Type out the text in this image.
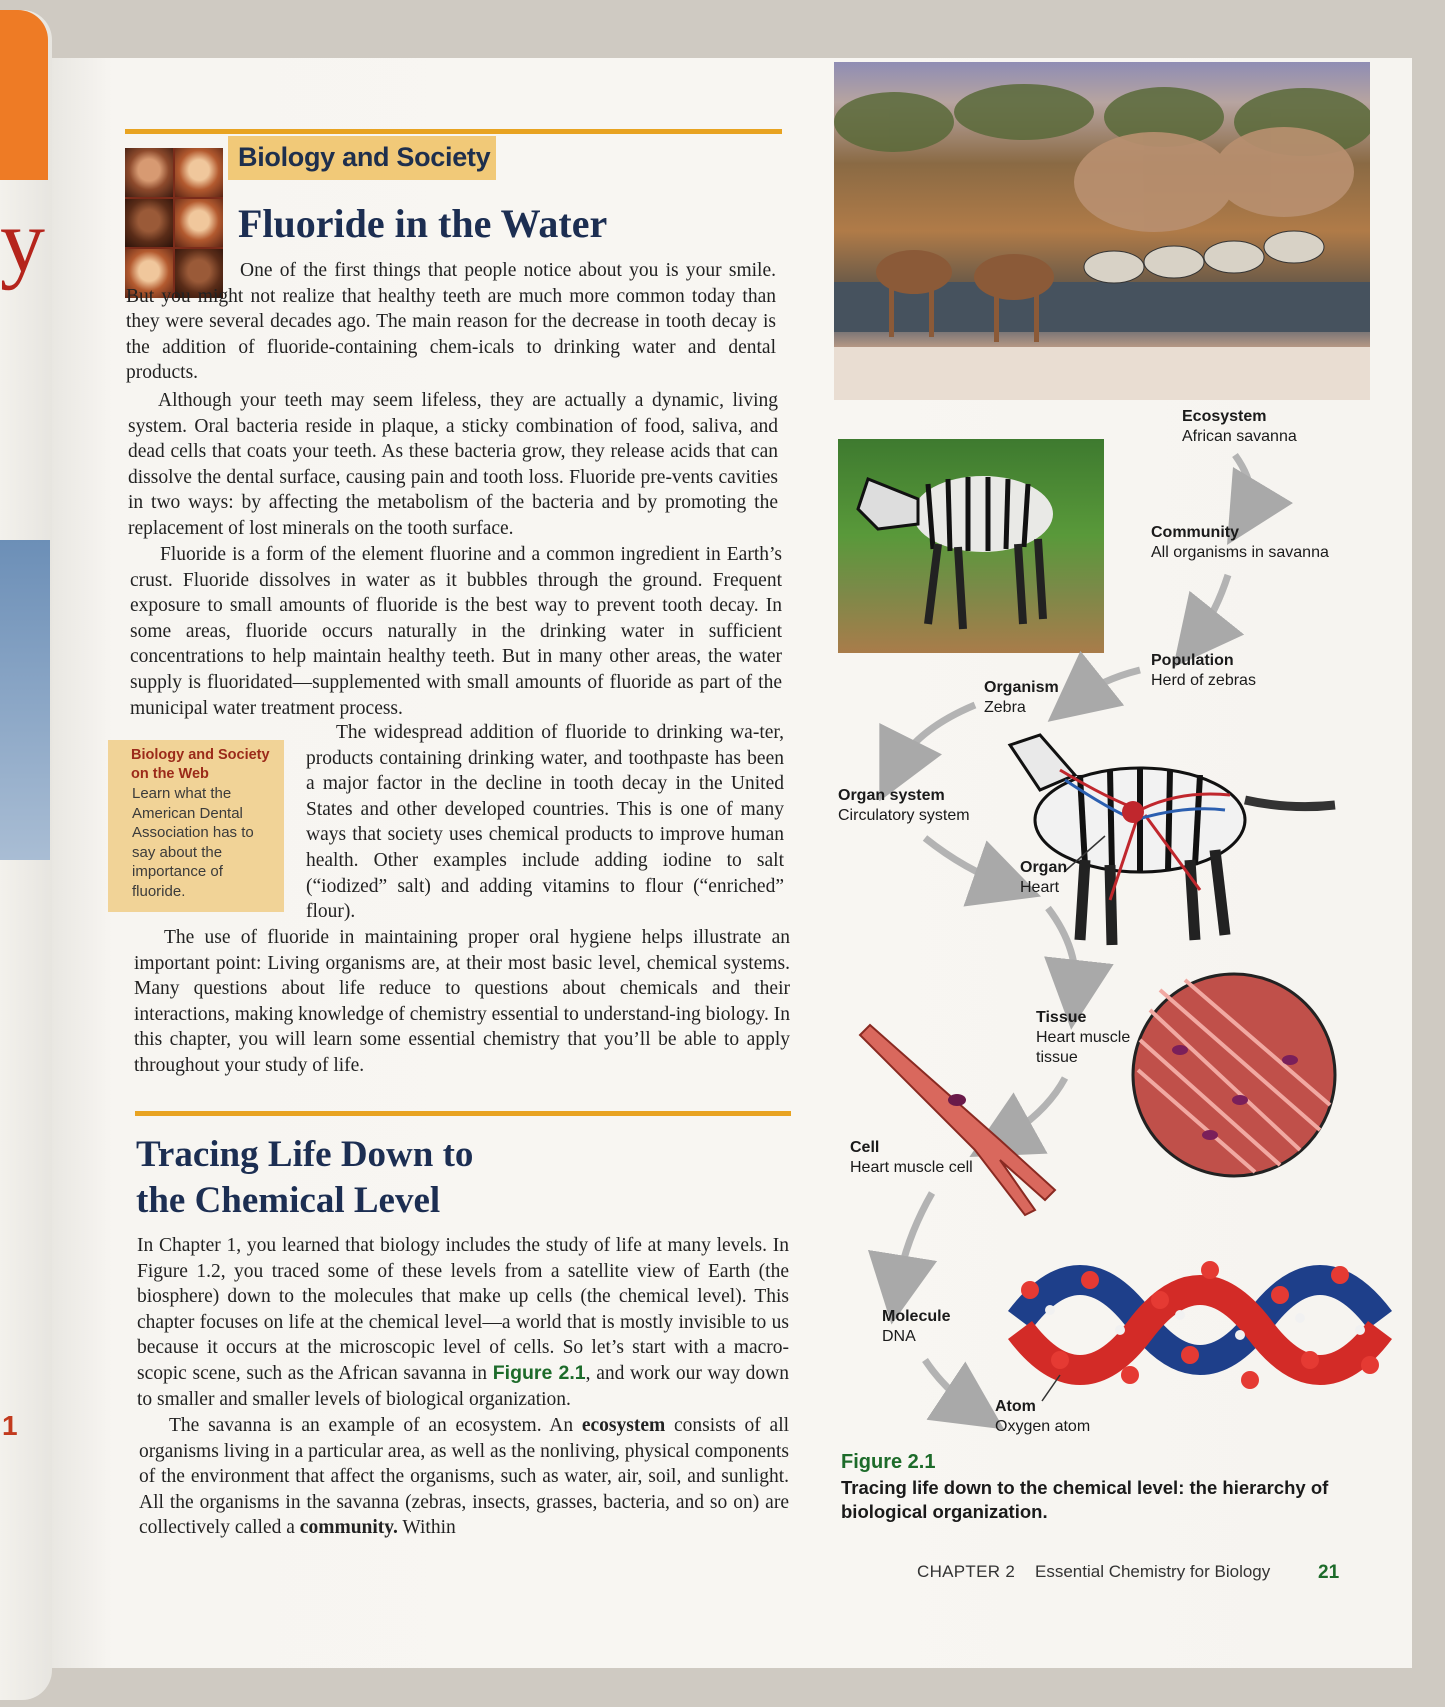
y
1
Biology and Society
Fluoride in the Water

One of the first things that people notice about you is your smile. But you might not realize that healthy teeth are much more common today than they were several decades ago. The main reason for the decrease in tooth decay is the addition of fluoride-containing chem-icals to drinking water and dental products.

Although your teeth may seem lifeless, they are actually a dynamic, living system. Oral bacteria reside in plaque, a sticky combination of food, saliva, and dead cells that coats your teeth. As these bacteria grow, they release acids that can dissolve the dental surface, causing pain and tooth loss. Fluoride pre-vents cavities in two ways: by affecting the metabolism of the bacteria and by promoting the replacement of lost minerals on the tooth surface.

Fluoride is a form of the element fluorine and a common ingredient in Earth’s crust. Fluoride dissolves in water as it bubbles through the ground. Frequent exposure to small amounts of fluoride is the best way to prevent tooth decay. In some areas, fluoride occurs naturally in the drinking water in sufficient concentrations to help maintain healthy teeth. But in many other areas, the water supply is fluoridated—supplemented with small amounts of fluoride as part of the municipal water treatment process.

The widespread addition of fluoride to drinking wa-ter, products containing drinking water, and toothpaste has been a major factor in the decline in tooth decay in the United States and other developed countries. This is one of many ways that society uses chemical products to improve human health. Other examples include adding iodine to salt (“iodized” salt) and adding vitamins to flour (“enriched” flour).

The use of fluoride in maintaining proper oral hygiene helps illustrate an important point: Living organisms are, at their most basic level, chemical systems. Many questions about life reduce to questions about chemicals and their interactions, making knowledge of chemistry essential to understand-ing biology. In this chapter, you will learn some essential chemistry that you’ll be able to apply throughout your study of life.

Biology and Society on the Web
Learn what the American Dental Association has to say about the importance of fluoride.
Tracing Life Down to
the Chemical Level

In Chapter 1, you learned that biology includes the study of life at many levels. In Figure 1.2, you traced some of these levels from a satellite view of Earth (the biosphere) down to the molecules that make up cells (the chemical level). This chapter focuses on life at the chemical level—a world that is mostly invisible to us because it occurs at the microscopic level of cells. So let’s start with a macro-scopic scene, such as the African savanna in Figure 2.1, and work our way down to smaller and smaller levels of biological organization.

The savanna is an example of an ecosystem. An ecosystem consists of all organisms living in a particular area, as well as the nonliving, physical components of the environment that affect the organisms, such as water, air, soil, and sunlight. All the organisms in the savanna (zebras, insects, grasses, bacteria, and so on) are collectively called a community. Within

Ecosystem
African savanna
Community
All organisms in savanna
Population
Herd of zebras
Organism
Zebra
Organ system
Circulatory system
Organ
Heart
Tissue
Heart muscle tissue
Cell
Heart muscle cell
Molecule
DNA
Atom
Oxygen atom
Figure 2.1
Tracing life down to the chemical level: the hierarchy of biological organization.
CHAPTER 2 Essential Chemistry for Biology	21
